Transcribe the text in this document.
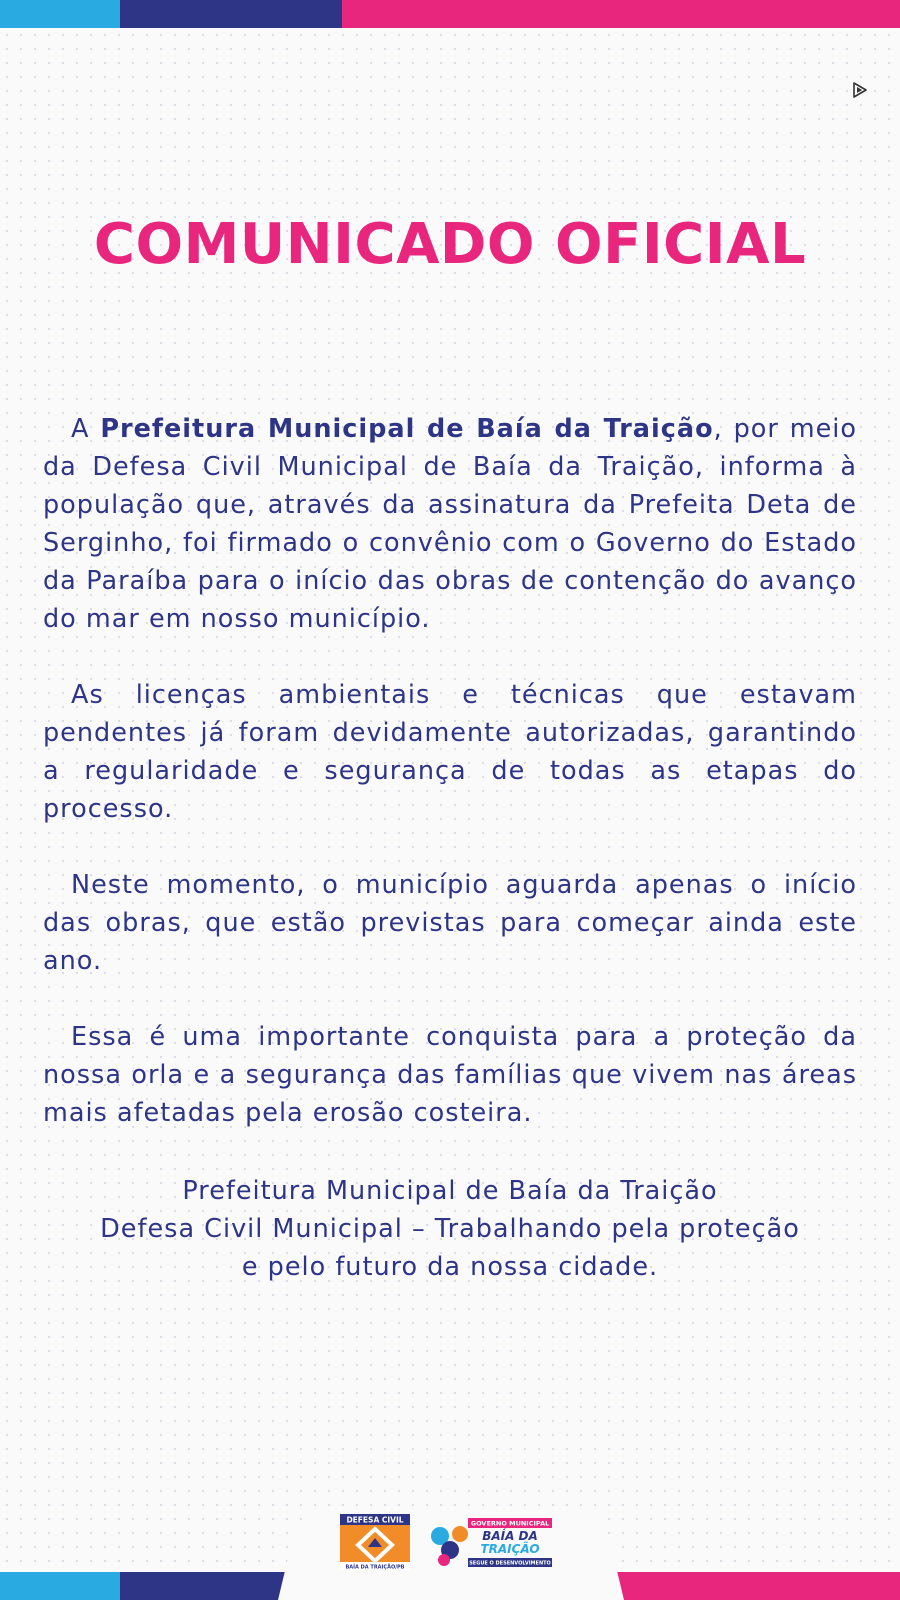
COMUNICADO OFICIAL

A Prefeitura Municipal de Baía da Traição, por meio da Defesa Civil Municipal de Baía da Traição, informa à população que, através da assinatura da Prefeita Deta de Serginho, foi firmado o convênio com o Governo do Estado da Paraíba para o início das obras de contenção do avanço do mar em nosso município.

As licenças ambientais e técnicas que estavam pendentes já foram devidamente autorizadas, garantindo a regularidade e segurança de todas as etapas do processo.

Neste momento, o município aguarda apenas o início das obras, que estão previstas para começar ainda este ano.

Essa é uma importante conquista para a proteção da nossa orla e a segurança das famílias que vivem nas áreas mais afetadas pela erosão costeira.

Prefeitura Municipal de Baía da Traição
Defesa Civil Municipal – Trabalhando pela proteção
e pelo futuro da nossa cidade.

DEFESA CIVIL
BAÍA DA TRAIÇÃO/PB
GOVERNO MUNICIPAL
BAÍA DA
TRAIÇÃO
SEGUE O DESENVOLVIMENTO
